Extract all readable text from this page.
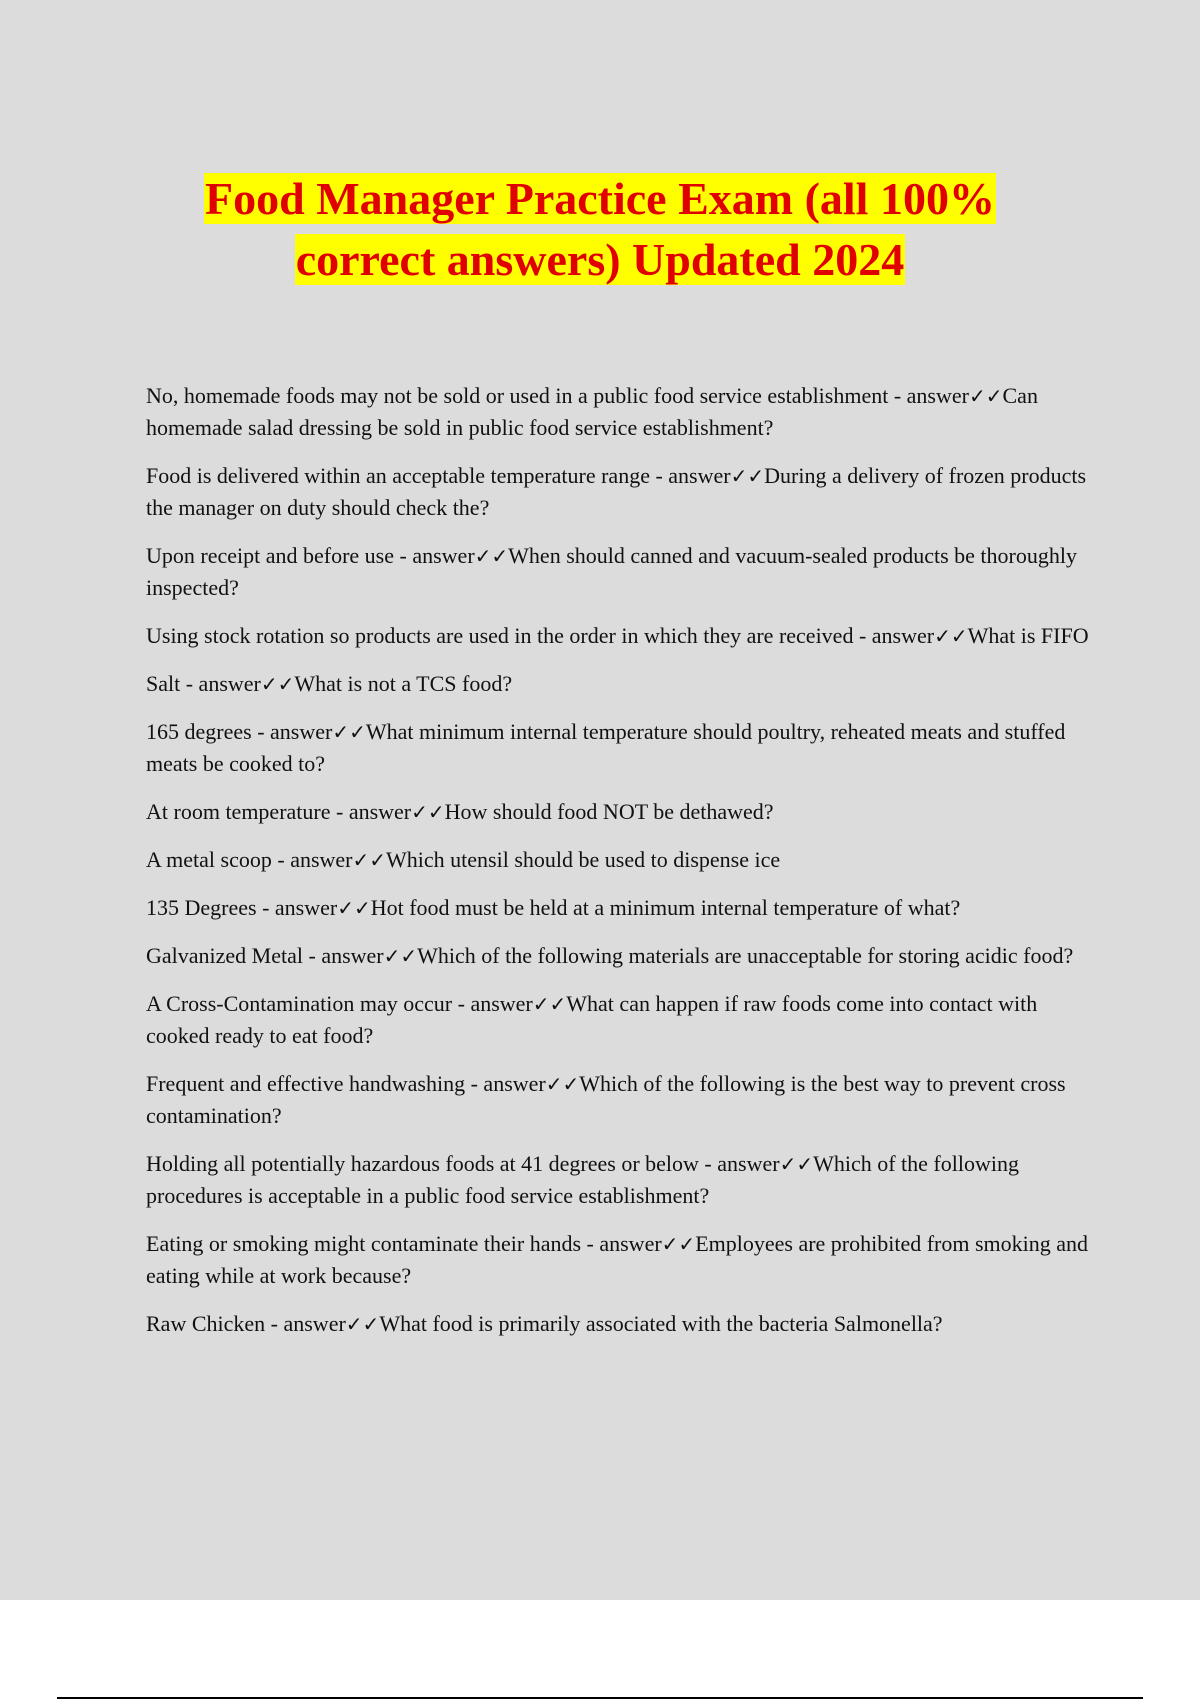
Food Manager Practice Exam (all 100%
correct answers) Updated 2024
No, homemade foods may not be sold or used in a public food service establishment - answer✓✓Can homemade salad dressing be sold in public food service establishment?
Food is delivered within an acceptable temperature range - answer✓✓During a delivery of frozen products the manager on duty should check the?
Upon receipt and before use - answer✓✓When should canned and vacuum-sealed products be thoroughly inspected?
Using stock rotation so products are used in the order in which they are received - answer✓✓What is FIFO
Salt - answer✓✓What is not a TCS food?
165 degrees - answer✓✓What minimum internal temperature should poultry, reheated meats and stuffed meats be cooked to?
At room temperature - answer✓✓How should food NOT be dethawed?
A metal scoop - answer✓✓Which utensil should be used to dispense ice
135 Degrees - answer✓✓Hot food must be held at a minimum internal temperature of what?
Galvanized Metal - answer✓✓Which of the following materials are unacceptable for storing acidic food?
A Cross-Contamination may occur - answer✓✓What can happen if raw foods come into contact with cooked ready to eat food?
Frequent and effective handwashing - answer✓✓Which of the following is the best way to prevent cross contamination?
Holding all potentially hazardous foods at 41 degrees or below - answer✓✓Which of the following procedures is acceptable in a public food service establishment?
Eating or smoking might contaminate their hands - answer✓✓Employees are prohibited from smoking and eating while at work because?
Raw Chicken - answer✓✓What food is primarily associated with the bacteria Salmonella?
